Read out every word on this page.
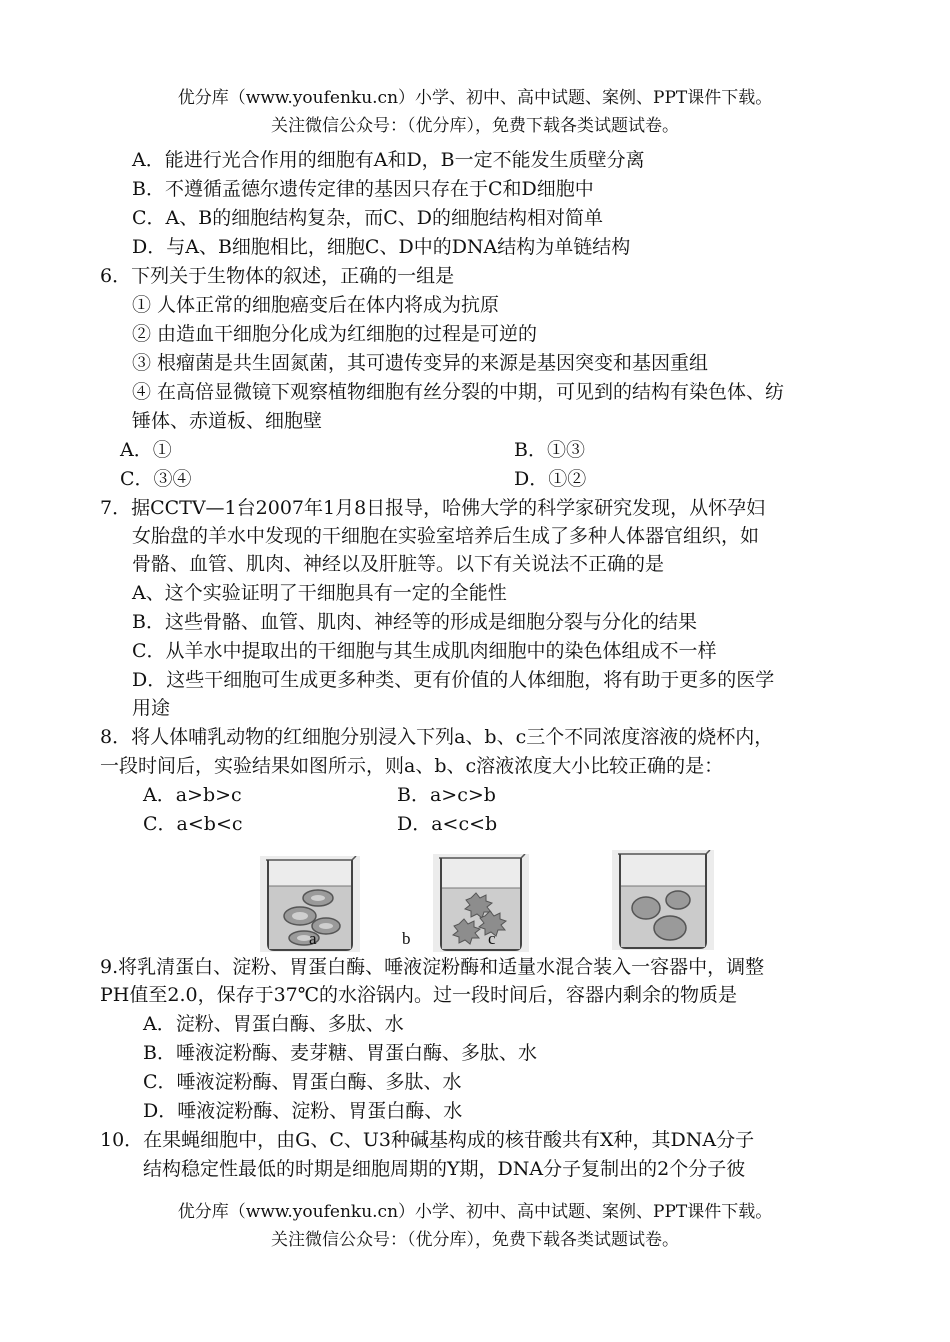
优分库（www.youfenku.cn）小学、初中、高中试题、案例、PPT课件下载。
关注微信公众号：（优分库），免费下载各类试题试卷。
A．能进行光合作用的细胞有A和D，B一定不能发生质壁分离
B．不遵循孟德尔遗传定律的基因只存在于C和D细胞中
C．A、B的细胞结构复杂，而C、D的细胞结构相对简单
D．与A、B细胞相比，细胞C、D中的DNA结构为单链结构
6．下列关于生物体的叙述，正确的一组是
① 人体正常的细胞癌变后在体内将成为抗原
② 由造血干细胞分化成为红细胞的过程是可逆的
③ 根瘤菌是共生固氮菌，其可遗传变异的来源是基因突变和基因重组
④ 在高倍显微镜下观察植物细胞有丝分裂的中期，可见到的结构有染色体、纺
锤体、赤道板、细胞壁
A．①	B．①③
C．③④	D．①②
7．据CCTV—1台2007年1月8日报导，哈佛大学的科学家研究发现，从怀孕妇
女胎盘的羊水中发现的干细胞在实验室培养后生成了多种人体器官组织，如
骨骼、血管、肌肉、神经以及肝脏等。以下有关说法不正确的是
A、这个实验证明了干细胞具有一定的全能性
B．这些骨骼、血管、肌肉、神经等的形成是细胞分裂与分化的结果
C．从羊水中提取出的干细胞与其生成肌肉细胞中的染色体组成不一样
D．这些干细胞可生成更多种类、更有价值的人体细胞，将有助于更多的医学
用途
8．将人体哺乳动物的红细胞分别浸入下列a、b、c三个不同浓度溶液的烧杯内，
一段时间后，实验结果如图所示，则a、b、c溶液浓度大小比较正确的是：
A．a>b>c	B．a>c>b
C．a<b<c	D．a<c<b
a	b	c
9.将乳清蛋白、淀粉、胃蛋白酶、唾液淀粉酶和适量水混合装入一容器中，调整
PH值至2.0，保存于37℃的水浴锅内。过一段时间后，容器内剩余的物质是
A．淀粉、胃蛋白酶、多肽、水
B．唾液淀粉酶、麦芽糖、胃蛋白酶、多肽、水
C．唾液淀粉酶、胃蛋白酶、多肽、水
D．唾液淀粉酶、淀粉、胃蛋白酶、水
10．在果蝇细胞中，由G、C、U3种碱基构成的核苷酸共有X种，其DNA分子
结构稳定性最低的时期是细胞周期的Y期，DNA分子复制出的2个分子彼
优分库（www.youfenku.cn）小学、初中、高中试题、案例、PPT课件下载。
关注微信公众号：（优分库），免费下载各类试题试卷。
